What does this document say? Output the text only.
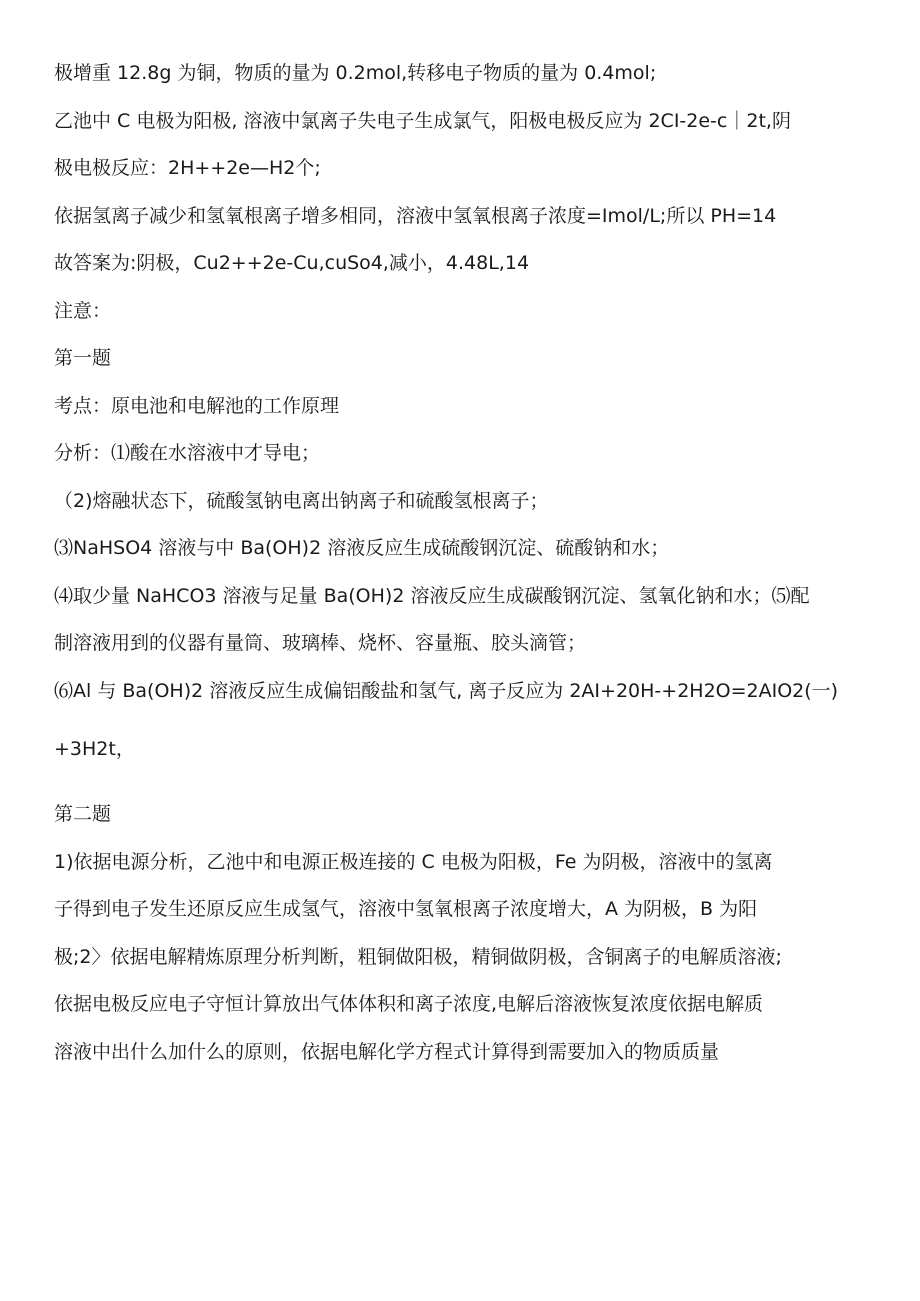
极增重 12.8g 为铜，物质的量为 0.2mol,转移电子物质的量为 0.4mol;
乙池中 C 电极为阳极, 溶液中氯离子失电子生成氯气，阳极电极反应为 2CI-2e-c｜2t,阴
极电极反应：2H++2e—H2个;
依据氢离子减少和氢氧根离子增多相同，溶液中氢氧根离子浓度=Imol/L;所以 PH=14
故答案为:阴极，Cu2++2e-Cu,cuSo4,减小，4.48L,14
注意：
第一题
考点：原电池和电解池的工作原理
分析：⑴酸在水溶液中才导电；
（2)熔融状态下，硫酸氢钠电离出钠离子和硫酸氢根离子；
⑶NaHSO4 溶液与中 Ba(OH)2 溶液反应生成硫酸钢沉淀、硫酸钠和水；
⑷取少量 NaHCO3 溶液与足量 Ba(OH)2 溶液反应生成碳酸钢沉淀、氢氧化钠和水；⑸配
制溶液用到的仪器有量筒、玻璃棒、烧杯、容量瓶、胶头滴管；
⑹Al 与 Ba(OH)2 溶液反应生成偏铝酸盐和氢气, 离子反应为 2AI+20H-+2H2O=2AIO2(一)
+3H2t，
第二题
1)依据电源分析，乙池中和电源正极连接的 C 电极为阳极，Fe 为阴极，溶液中的氢离
子得到电子发生还原反应生成氢气，溶液中氢氧根离子浓度增大，A 为阴极，B 为阳
极;2〉依据电解精炼原理分析判断，粗铜做阳极，精铜做阴极，含铜离子的电解质溶液;
依据电极反应电子守恒计算放出气体体积和离子浓度,电解后溶液恢复浓度依据电解质
溶液中出什么加什么的原则，依据电解化学方程式计算得到需要加入的物质质量
